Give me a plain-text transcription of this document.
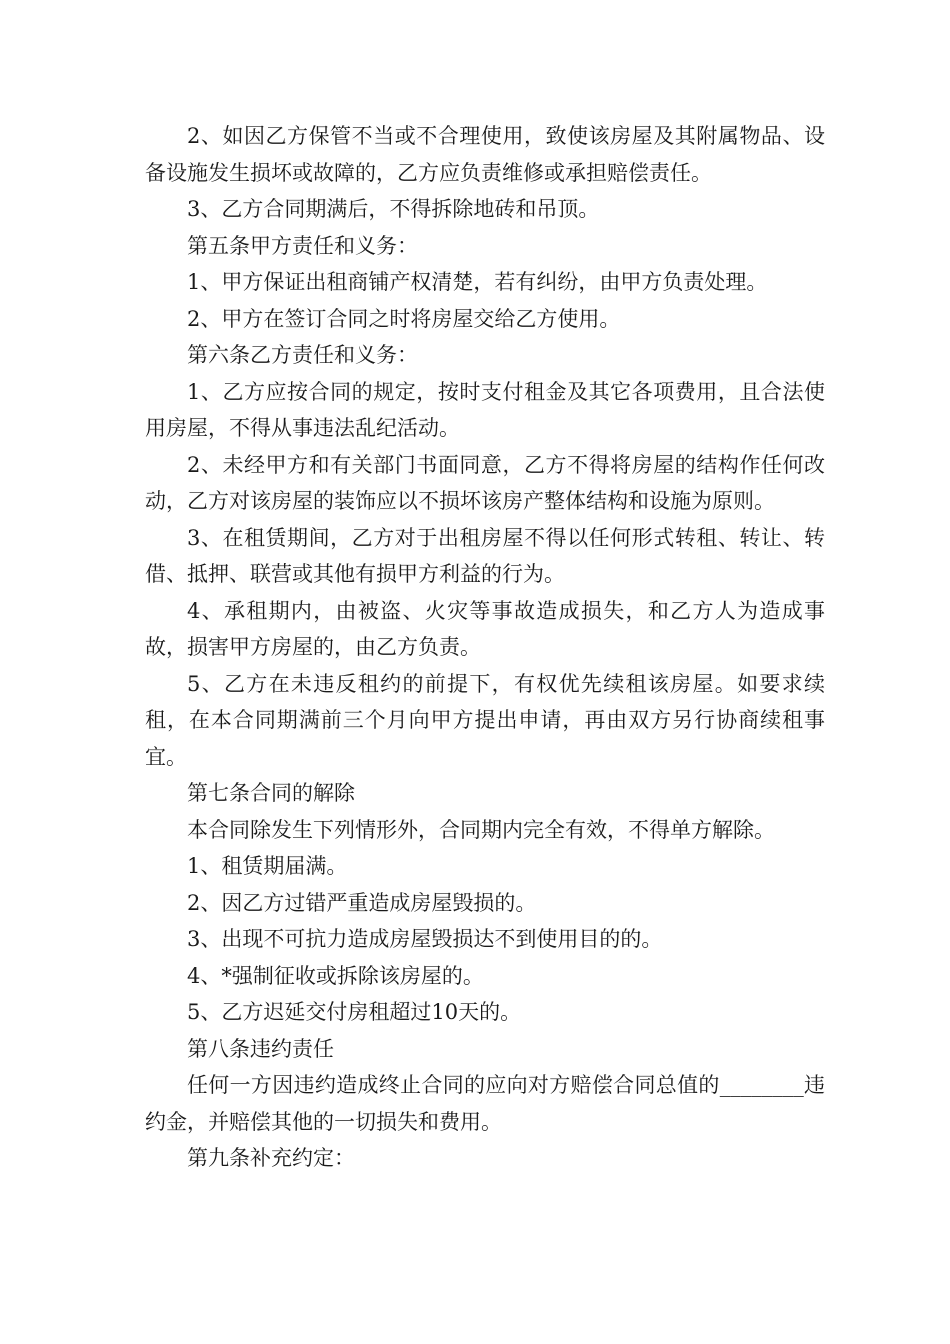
2、如因乙方保管不当或不合理使用，致使该房屋及其附属物品、设备设施发生损坏或故障的，乙方应负责维修或承担赔偿责任。

3、乙方合同期满后，不得拆除地砖和吊顶。

第五条甲方责任和义务：

1、甲方保证出租商铺产权清楚，若有纠纷，由甲方负责处理。

2、甲方在签订合同之时将房屋交给乙方使用。

第六条乙方责任和义务：

1、乙方应按合同的规定，按时支付租金及其它各项费用，且合法使用房屋，不得从事违法乱纪活动。

2、未经甲方和有关部门书面同意，乙方不得将房屋的结构作任何改动，乙方对该房屋的装饰应以不损坏该房产整体结构和设施为原则。

3、在租赁期间，乙方对于出租房屋不得以任何形式转租、转让、转借、抵押、联营或其他有损甲方利益的行为。

4、承租期内，由被盗、火灾等事故造成损失，和乙方人为造成事故，损害甲方房屋的，由乙方负责。

5、乙方在未违反租约的前提下，有权优先续租该房屋。如要求续租，在本合同期满前三个月向甲方提出申请，再由双方另行协商续租事宜。

第七条合同的解除

本合同除发生下列情形外，合同期内完全有效，不得单方解除。

1、租赁期届满。

2、因乙方过错严重造成房屋毁损的。

3、出现不可抗力造成房屋毁损达不到使用目的的。

4、*强制征收或拆除该房屋的。

5、乙方迟延交付房租超过10天的。

第八条违约责任

任何一方因违约造成终止合同的应向对方赔偿合同总值的________违约金，并赔偿其他的一切损失和费用。

第九条补充约定：
